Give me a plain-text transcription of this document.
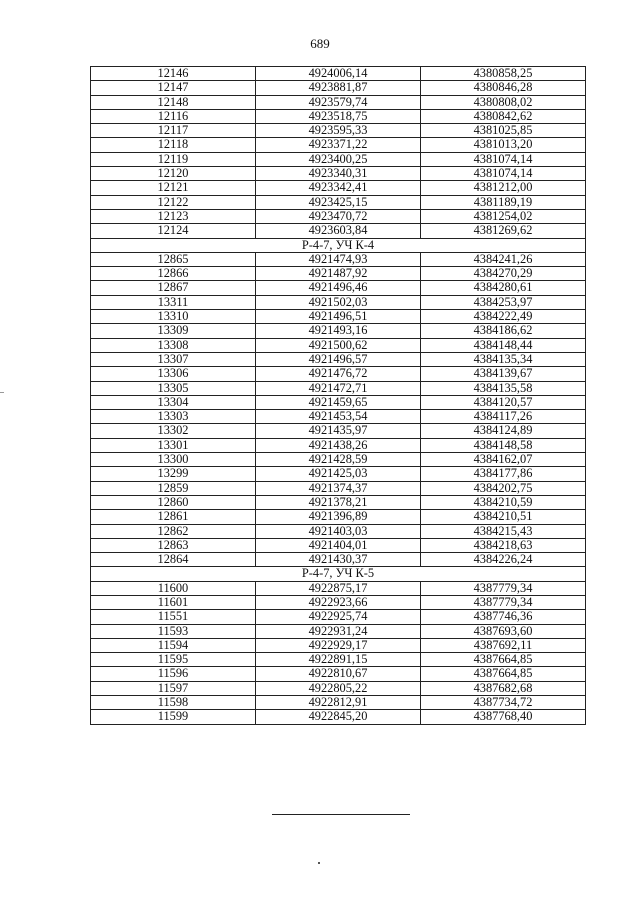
689
12146	4924006,14	4380858,25
12147	4923881,87	4380846,28
12148	4923579,74	4380808,02
12116	4923518,75	4380842,62
12117	4923595,33	4381025,85
12118	4923371,22	4381013,20
12119	4923400,25	4381074,14
12120	4923340,31	4381074,14
12121	4923342,41	4381212,00
12122	4923425,15	4381189,19
12123	4923470,72	4381254,02
12124	4923603,84	4381269,62
Р-4-7, УЧ К-4		
12865	4921474,93	4384241,26
12866	4921487,92	4384270,29
12867	4921496,46	4384280,61
13311	4921502,03	4384253,97
13310	4921496,51	4384222,49
13309	4921493,16	4384186,62
13308	4921500,62	4384148,44
13307	4921496,57	4384135,34
13306	4921476,72	4384139,67
13305	4921472,71	4384135,58
13304	4921459,65	4384120,57
13303	4921453,54	4384117,26
13302	4921435,97	4384124,89
13301	4921438,26	4384148,58
13300	4921428,59	4384162,07
13299	4921425,03	4384177,86
12859	4921374,37	4384202,75
12860	4921378,21	4384210,59
12861	4921396,89	4384210,51
12862	4921403,03	4384215,43
12863	4921404,01	4384218,63
12864	4921430,37	4384226,24
Р-4-7, УЧ К-5		
11600	4922875,17	4387779,34
11601	4922923,66	4387779,34
11551	4922925,74	4387746,36
11593	4922931,24	4387693,60
11594	4922929,17	4387692,11
11595	4922891,15	4387664,85
11596	4922810,67	4387664,85
11597	4922805,22	4387682,68
11598	4922812,91	4387734,72
11599	4922845,20	4387768,40
